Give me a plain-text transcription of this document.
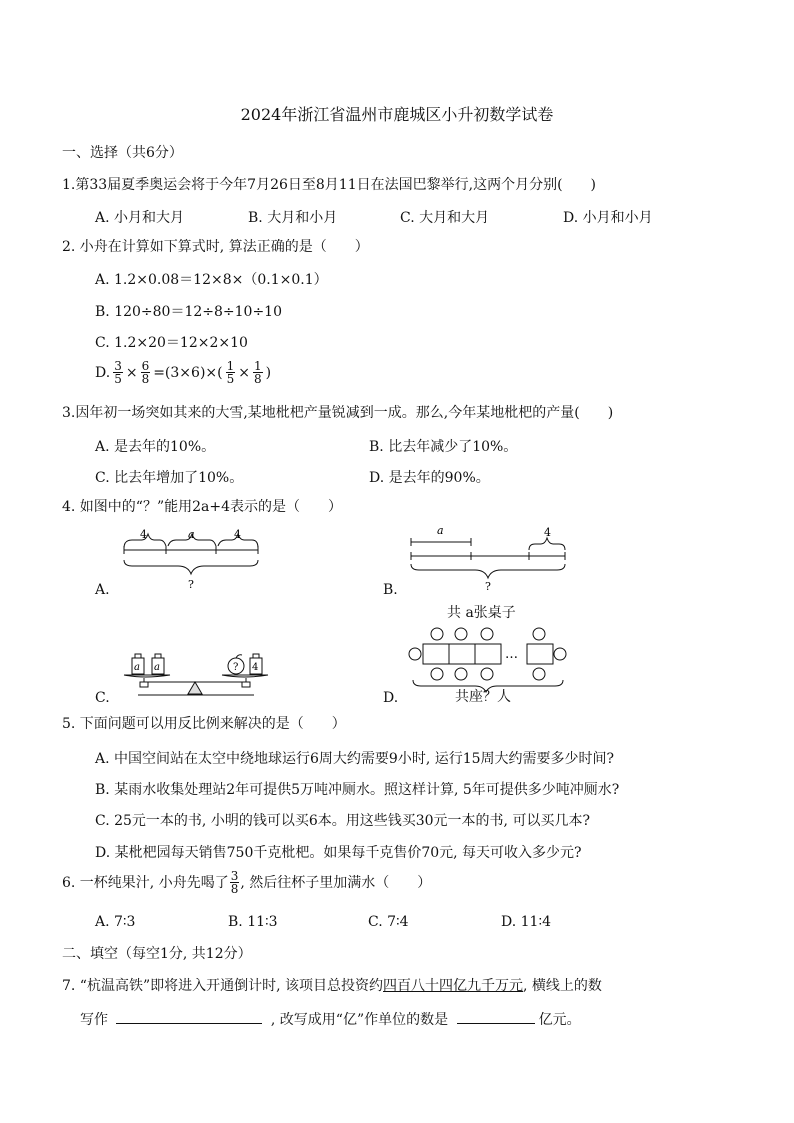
2024年浙江省温州市鹿城区小升初数学试卷
一、选择（共6分）
1.第33届夏季奥运会将于今年7月26日至8月11日在法国巴黎举行,这两个月分别(　　)
A. 小月和大月	B. 大月和小月	C. 大月和大月	D. 小月和小月
2. 小舟在计算如下算式时, 算法正确的是（　　）
A. 1.2×0.08＝12×8×（0.1×0.1）
B. 120÷80＝12÷8÷10÷10
C. 1.2×20＝12×2×10
D. $\frac{3}{5} \times \frac{6}{8} =(3\times 6)\times( \frac{1}{5} \times \frac{1}{8}$ )
3.因年初一场突如其来的大雪,某地枇杷产量锐减到一成。那么,今年某地枇杷的产量(　　)
A. 是去年的10%。	B. 比去年减少了10%。
C. 比去年增加了10%。	D. 是去年的90%。
4. 如图中的“？”能用2a+4表示的是（　　）
A.
4	a	4
?	B.
a	4
?
C.
a a	? 4
D.
共 a张桌子
…
共座？人
5. 下面问题可以用反比例来解决的是（　　）
A. 中国空间站在太空中绕地球运行6周大约需要9小时, 运行15周大约需要多少时间?
B. 某雨水收集处理站2年可提供5万吨冲厕水。照这样计算, 5年可提供多少吨冲厕水?
C. 25元一本的书, 小明的钱可以买6本。用这些钱买30元一本的书, 可以买几本?
D. 某枇杷园每天销售750千克枇杷。如果每千克售价70元, 每天可收入多少元?
6. 一杯纯果汁, 小舟先喝了 $\frac{3}{8}$ , 然后往杯子里加满水（　　）
A. 7∶3	B. 11∶3	C. 7∶4	D. 11∶4
二、填空（每空1分, 共12分）
7. “杭温高铁”即将进入开通倒计时, 该项目总投资约四百八十四亿九千万元, 横线上的数
写作	, 改写成用“亿”作单位的数是	亿元。
